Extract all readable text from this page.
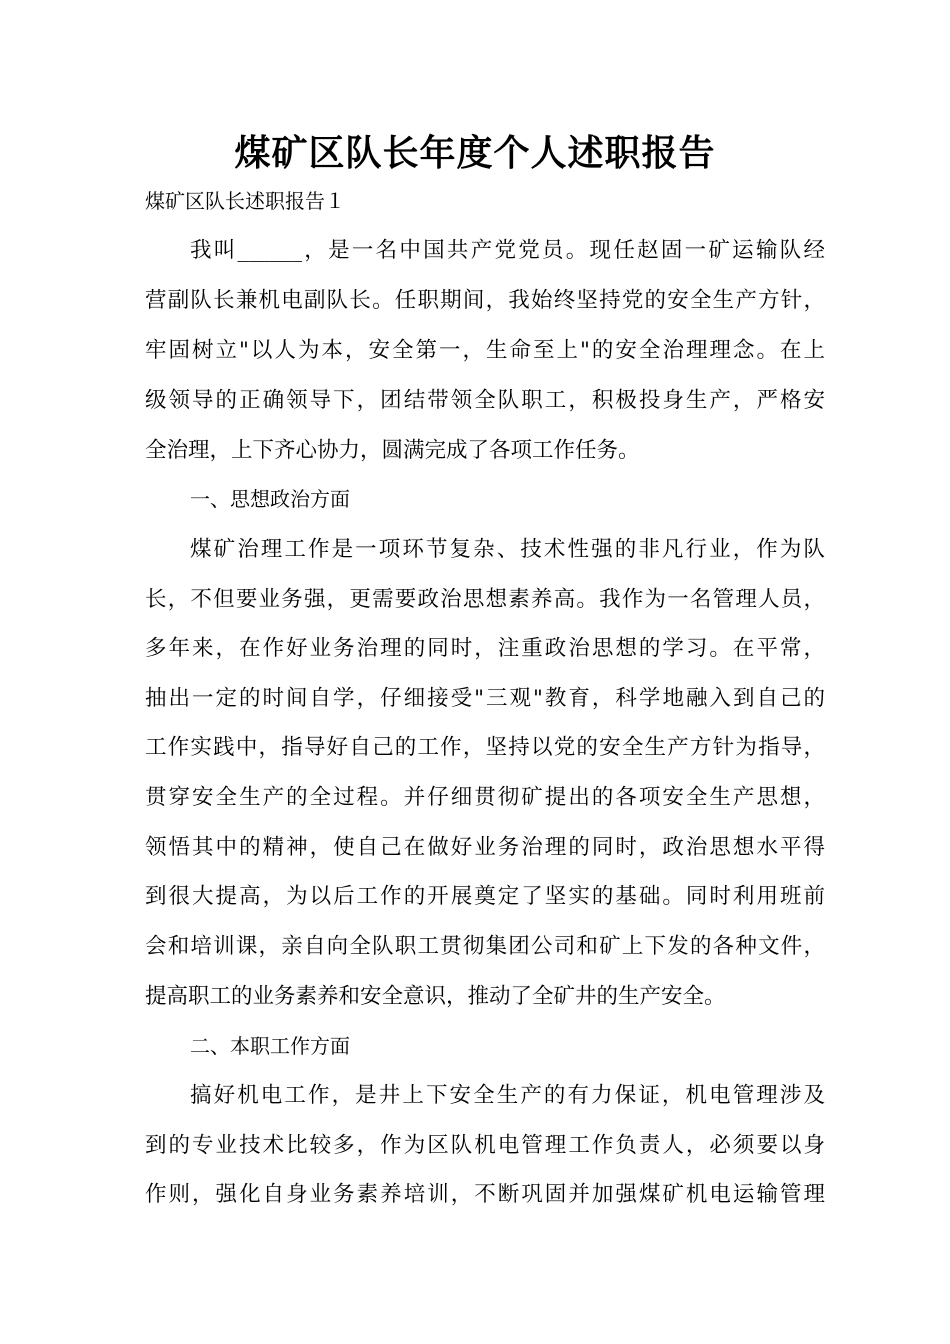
煤矿区队长年度个人述职报告

煤矿区队长述职报告１

我叫______，是一名中国共产党党员。现任赵固一矿运输队经

营副队长兼机电副队长。任职期间，我始终坚持党的安全生产方针，

牢固树立"以人为本，安全第一，生命至上"的安全治理理念。在上

级领导的正确领导下，团结带领全队职工，积极投身生产，严格安

全治理，上下齐心协力，圆满完成了各项工作任务。

一、思想政治方面

煤矿治理工作是一项环节复杂、技术性强的非凡行业，作为队

长，不但要业务强，更需要政治思想素养高。我作为一名管理人员，

多年来，在作好业务治理的同时，注重政治思想的学习。在平常，

抽出一定的时间自学，仔细接受"三观"教育，科学地融入到自己的

工作实践中，指导好自己的工作，坚持以党的安全生产方针为指导，

贯穿安全生产的全过程。并仔细贯彻矿提出的各项安全生产思想，

领悟其中的精神，使自己在做好业务治理的同时，政治思想水平得

到很大提高，为以后工作的开展奠定了坚实的基础。同时利用班前

会和培训课，亲自向全队职工贯彻集团公司和矿上下发的各种文件，

提高职工的业务素养和安全意识，推动了全矿井的生产安全。

二、本职工作方面

搞好机电工作，是井上下安全生产的有力保证，机电管理涉及

到的专业技术比较多，作为区队机电管理工作负责人，必须要以身

作则，强化自身业务素养培训，不断巩固并加强煤矿机电运输管理
